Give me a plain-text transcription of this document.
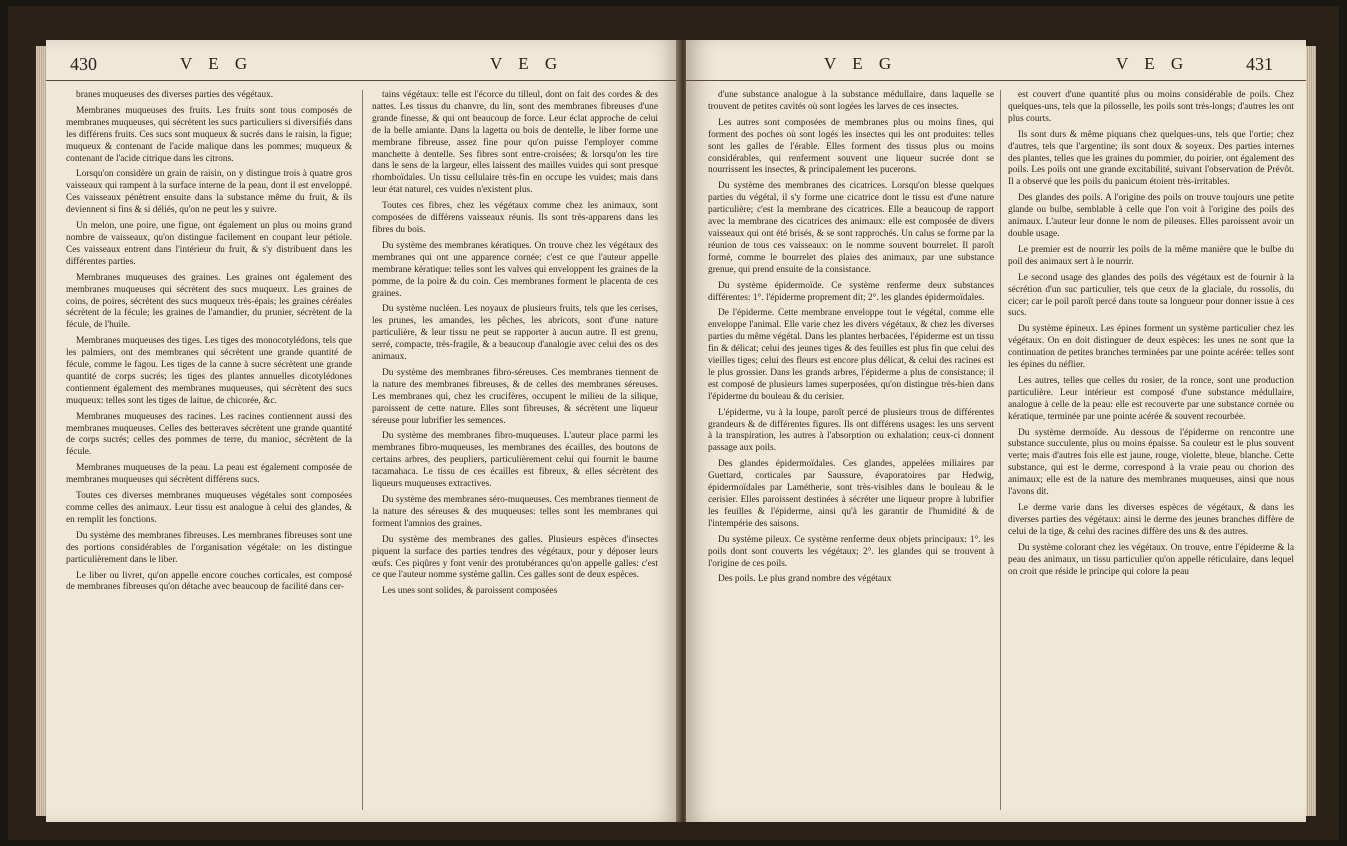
430	V E G	V E G

branes muqueuses des diverses parties des végétaux.

Membranes muqueuses des fruits. Les fruits sont tous composés de membranes muqueuses, qui sécrètent les sucs particuliers si diversifiés dans les différens fruits. Ces sucs sont muqueux & sucrés dans le raisin, la figue; muqueux & contenant de l'acide malique dans les pommes; muqueux & contenant de l'acide citrique dans les citrons.

Lorsqu'on considère un grain de raisin, on y distingue trois à quatre gros vaisseaux qui rampent à la surface interne de la peau, dont il est enveloppé. Ces vaisseaux pénètrent ensuite dans la substance même du fruit, & ils deviennent si fins & si déliés, qu'on ne peut les y suivre.

Un melon, une poire, une figue, ont également un plus ou moins grand nombre de vaisseaux, qu'on distingue facilement en coupant leur pétiole. Ces vaisseaux entrent dans l'intérieur du fruit, & s'y distribuent dans les différentes parties.

Membranes muqueuses des graines. Les graines ont également des membranes muqueuses qui sécrètent des sucs muqueux. Les graines de coins, de poires, sécrètent des sucs muqueux très-épais; les graines céréales sécrètent de la fécule; les graines de l'amandier, du prunier, sécrètent de la fécule, de l'huile.

Membranes muqueuses des tiges. Les tiges des monocotylédons, tels que les palmiers, ont des membranes qui sécrètent une grande quantité de fécule, comme le fagou. Les tiges de la canne à sucre sécrètent une grande quantité de corps sucrés; les tiges des plantes annuelles dicotylédones contiennent également des membranes muqueuses, qui sécrètent des sucs muqueux: telles sont les tiges de laitue, de chicorée, &c.

Membranes muqueuses des racines. Les racines contiennent aussi des membranes muqueuses. Celles des betteraves sécrètent une grande quantité de corps sucrés; celles des pommes de terre, du manioc, sécrètent de la fécule.

Membranes muqueuses de la peau. La peau est également composée de membranes muqueuses qui sécrètent différens sucs.

Toutes ces diverses membranes muqueuses végétales sont composées comme celles des animaux. Leur tissu est analogue à celui des glandes, & en remplit les fonctions.

Du système des membranes fibreuses. Les membranes fibreuses sont une des portions considérables de l'organisation végétale: on les distingue particulièrement dans le liber.

Le liber ou livret, qu'on appelle encore couches corticales, est composé de membranes fibreuses qu'on détache avec beaucoup de facilité dans cer-

tains végétaux: telle est l'écorce du tilleul, dont on fait des cordes & des nattes. Les tissus du chanvre, du lin, sont des membranes fibreuses d'une grande finesse, & qui ont beaucoup de force. Leur éclat approche de celui de la belle amiante. Dans la lagetta ou bois de dentelle, le liber forme une membrane fibreuse, assez fine pour qu'on puisse l'employer comme manchette à dentelle. Ses fibres sont entre-croisées; & lorsqu'on les tire dans le sens de la largeur, elles laissent des mailles vuides qui sont presque rhomboïdales. Un tissu cellulaire très-fin en occupe les vuides; mais dans leur état naturel, ces vuides n'existent plus.

Toutes ces fibres, chez les végétaux comme chez les animaux, sont composées de différens vaisseaux réunis. Ils sont très-apparens dans les fibres du bois.

Du système des membranes kératiques. On trouve chez les végétaux des membranes qui ont une apparence cornée; c'est ce que l'auteur appelle membrane kératique: telles sont les valves qui enveloppent les graines de la pomme, de la poire & du coin. Ces membranes forment le placenta de ces graines.

Du système nucléen. Les noyaux de plusieurs fruits, tels que les cerises, les prunes, les amandes, les pêches, les abricots, sont d'une nature particulière, & leur tissu ne peut se rapporter à aucun autre. Il est grenu, serré, compacte, très-fragile, & a beaucoup d'analogie avec celui des os des animaux.

Du système des membranes fibro-séreuses. Ces membranes tiennent de la nature des membranes fibreuses, & de celles des membranes séreuses. Les membranes qui, chez les crucifères, occupent le milieu de la silique, paroissent de cette nature. Elles sont fibreuses, & sécrètent une liqueur séreuse pour lubrifier les semences.

Du système des membranes fibro-muqueuses. L'auteur place parmi les membranes fibro-muqueuses, les membranes des écailles, des boutons de certains arbres, des peupliers, particulièrement celui qui fournit le baume tacamahaca. Le tissu de ces écailles est fibreux, & elles sécrètent des liqueurs muqueuses extractives.

Du système des membranes séro-muqueuses. Ces membranes tiennent de la nature des séreuses & des muqueuses: telles sont les membranes qui forment l'amnios des graines.

Du système des membranes des galles. Plusieurs espèces d'insectes piquent la surface des parties tendres des végétaux, pour y déposer leurs œufs. Ces piqûres y font venir des protubérances qu'on appelle galles: c'est ce que l'auteur nomme système gallin. Ces galles sont de deux espèces.

Les unes sont solides, & paroissent composées

V E G	V E G	431

d'une substance analogue à la substance médullaire, dans laquelle se trouvent de petites cavités où sont logées les larves de ces insectes.

Les autres sont composées de membranes plus ou moins fines, qui forment des poches où sont logés les insectes qui les ont produites: telles sont les galles de l'érable. Elles forment des tissus plus ou moins considérables, qui renferment souvent une liqueur sucrée dont se nourrissent les insectes, & principalement les pucerons.

Du système des membranes des cicatrices. Lorsqu'on blesse quelques parties du végétal, il s'y forme une cicatrice dont le tissu est d'une nature particulière; c'est la membrane des cicatrices. Elle a beaucoup de rapport avec la membrane des cicatrices des animaux: elle est composée de divers vaisseaux qui ont été brisés, & se sont rapprochés. Un calus se forme par la réunion de tous ces vaisseaux: on le nomme souvent bourrelet. Il paroît formé, comme le bourrelet des plaies des animaux, par une substance grenue, qui prend ensuite de la consistance.

Du système épidermoïde. Ce système renferme deux substances différentes: 1°. l'épiderme proprement dit; 2°. les glandes épidermoïdales.

De l'épiderme. Cette membrane enveloppe tout le végétal, comme elle enveloppe l'animal. Elle varie chez les divers végétaux, & chez les diverses parties du même végétal. Dans les plantes herbacées, l'épiderme est un tissu fin & délicat; celui des jeunes tiges & des feuilles est plus fin que celui des vieilles tiges; celui des fleurs est encore plus délicat, & celui des racines est le plus grossier. Dans les grands arbres, l'épiderme a plus de consistance; il est composé de plusieurs lames superposées, qu'on distingue très-bien dans l'épiderme du bouleau & du cerisier.

L'épiderme, vu à la loupe, paroît percé de plusieurs trous de différentes grandeurs & de différentes figures. Ils ont différens usages: les uns servent à la transpiration, les autres à l'absorption ou exhalation; ceux-ci donnent passage aux poils.

Des glandes épidermoïdales. Ces glandes, appelées miliaires par Guettard, corticales par Saussure, évaporatoires par Hedwig, épidermoïdales par Lamétherie, sont très-visibles dans le bouleau & le cerisier. Elles paroissent destinées à sécréter une liqueur propre à lubrifier les feuilles & l'épiderme, ainsi qu'à les garantir de l'humidité & de l'intempérie des saisons.

Du système pileux. Ce système renferme deux objets principaux: 1°. les poils dont sont couverts les végétaux; 2°. les glandes qui se trouvent à l'origine de ces poils.

Des poils. Le plus grand nombre des végétaux

est couvert d'une quantité plus ou moins considérable de poils. Chez quelques-uns, tels que la pilosselle, les poils sont très-longs; d'autres les ont plus courts.

Ils sont durs & même piquans chez quelques-uns, tels que l'ortie; chez d'autres, tels que l'argentine; ils sont doux & soyeux. Des parties internes des plantes, telles que les graines du pommier, du poirier, ont également des poils. Les poils ont une grande excitabilité, suivant l'observation de Prévôt. Il a observé que les poils du panicum étoient très-irritables.

Des glandes des poils. A l'origine des poils on trouve toujours une petite glande ou bulbe, semblable à celle que l'on voit à l'origine des poils des animaux. L'auteur leur donne le nom de pileuses. Elles paroissent avoir un double usage.

Le premier est de nourrir les poils de la même manière que le bulbe du poil des animaux sert à le nourrir.

Le second usage des glandes des poils des végétaux est de fournir à la sécrétion d'un suc particulier, tels que ceux de la glaciale, du rossolis, du cicer; car le poil paroît percé dans toute sa longueur pour donner issue à ces sucs.

Du système épineux. Les épines forment un système particulier chez les végétaux. On en doit distinguer de deux espèces: les unes ne sont que la continuation de petites branches terminées par une pointe acérée: telles sont les épines du néflier.

Les autres, telles que celles du rosier, de la ronce, sont une production particulière. Leur intérieur est composé d'une substance médullaire, analogue à celle de la peau: elle est recouverte par une substance cornée ou kératique, terminée par une pointe acérée & souvent recourbée.

Du système dermoïde. Au dessous de l'épiderme on rencontre une substance succulente, plus ou moins épaisse. Sa couleur est le plus souvent verte; mais d'autres fois elle est jaune, rouge, violette, bleue, blanche. Cette substance, qui est le derme, correspond à la vraie peau ou chorion des animaux; elle est de la nature des membranes muqueuses, ainsi que nous l'avons dit.

Le derme varie dans les diverses espèces de végétaux, & dans les diverses parties des végétaux: ainsi le derme des jeunes branches diffère de celui de la tige, & celui des racines diffère des uns & des autres.

Du système colorant chez les végétaux. On trouve, entre l'épiderme & la peau des animaux, un tissu particulier qu'on appelle réticulaire, dans lequel on croit que réside le principe qui colore la peau
